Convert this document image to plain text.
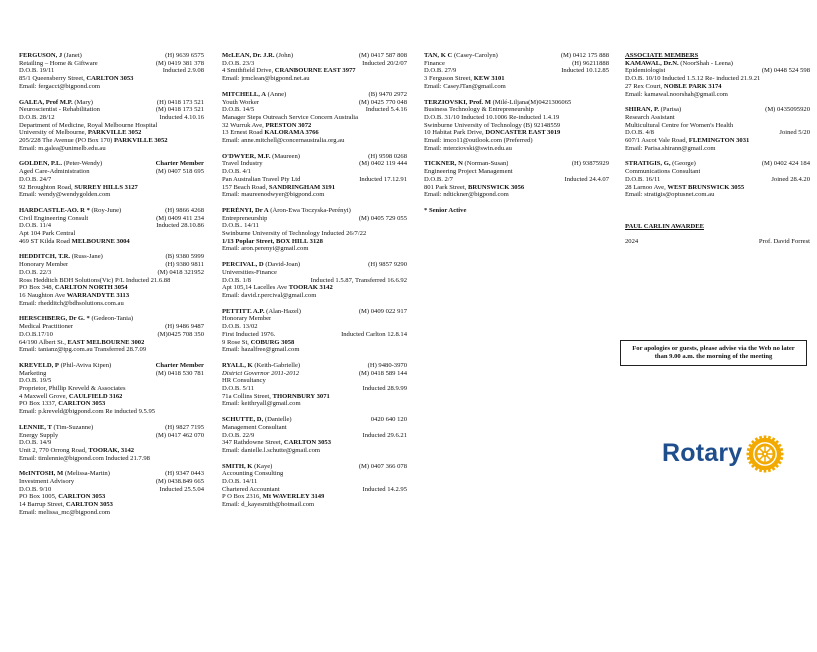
FERGUSON, J (Janet)	(H) 9639 6575
Retailing – Home & Giftware	(M) 0419 381 378
D.O.B. 19/11	Inducted 2.9.08
85/1 Queensberry Street, CARLTON 3053
Email: fergacct@bigpond.com
GALEA, Prof M.P. (Mary)	(H) 0418 173 521
Neuroscientist - Rehabilitation	(M) 0418 173 521
D.O.B. 28/12	Inducted 4.10.16
Department of Medicine, Royal Melbourne Hospital
University of Melbourne, PARKVILLE 3052
205/228 The Avenue (PO Box 170) PARKVILLE 3052
Email: m.galea@unimelb.edu.au
GOLDEN, P.L. (Peter-Wendy)	Charter Member
Aged Care-Administration	(M) 0407 518 695
D.O.B. 24/7
92 Broughton Road, SURREY HILLS 3127
Email: wendy@wendygolden.com
HARDCASTLE-AO. R * (Roy-June)	(H) 9866 4268
Civil Engineering Consult	(M) 0409 411 234
D.O.B. 11/4	Inducted 28.10.86
Apt 104 Park Central
469 ST Kilda Road MELBOURNE 3004
HEDDITCH, T.R. (Russ-Jane)	(B) 9380 5999
Honorary Member	(H) 9380 9811
D.O.B. 22/3	(M) 0418 321952
Ross Hedditch BDH Solutions(Vic) P/L Inducted 21.6.88
PO Box 348, CARLTON NORTH 3054
16 Naughton Ave WARRANDYTE 3113
Email: rhedditch@bdhsolutions.com.au
HERSCHBERG, Dr G. * (Gedeon-Tania)
Medical Practitioner	(H) 9486 9487
D.O.B.17/10	(M)0425 708 350
64/190 Albert St., EAST MELBOURNE 3002
Email: tanianz@tpg.com.au Transferred 28.7.09
KREVELD, P (Phil-Aviva Kipen)	Charter Member
Marketing	(M) 0418 530 781
D.O.B. 19/5
Proprietor, Phillip Kreveld & Associates
4 Maxwell Grove, CAULFIELD 3162
PO Box 1337, CARLTON 3053
Email: p.kreveld@bigpond.com Re inducted 9.5.95
LENNIE, T (Tim-Suzanne)	(H) 9827 7195
Energy Supply	(M) 0417 462 070
D.O.B. 14/9
Unit 2, 770 Orrong Road, TOORAK, 3142
Email: timlennie@bigpond.com Inducted 21.7.98
McINTOSH, M (Melissa-Martin)	(H) 9347 0443
Investment Advisory	(M) 0438.849 665
D.O.B. 9/10	Inducted 25.5.04
PO Box 1005, CARLTON 3053
14 Barrup Street, CARLTON 3053
Email: melissa_mc@bigpond.com
McLEAN, Dr. J.R. (John)	(M) 0417 587 808
D.O.B. 23/3	Inducted 20/2/07
4 Smithfield Drive, CRANBOURNE EAST 3977
Email: jrmclean@bigpond.net.au
MITCHELL, A (Anne)	(B) 9470 2972
Youth Worker	(M) 0425 770 048
D.O.B. 14/5	Inducted 5.4.16
Manager Steps Outreach Service Concern Australia
32 Wurruk Ave, PRESTON 3072
13 Ernest Road KALORAMA 3766
Email: anne.mitchell@concernaustralia.org.au
O'DWYER, M.F. (Maureen)	(H) 9598 0268
Travel Industry	(M) 0402 119 444
D.O.B. 4/1
Pan Australian Travel Pty Ltd	Inducted 17.12.91
157 Beach Road, SANDRINGHAM 3191
Email: maureenodwyer@bigpond.com
PERÉNYI, Dr A (Áron-Ewa Toczyska-Perényi)
Entrepreneurship	(M) 0405 729 055
D.O.B.. 14/11
Swinburne University of Technology Inducted 26/7/22
1/13 Poplar Street, BOX HILL 3128
Email: aron.perenyi@gmail.com
PERCIVAL, D (David-Joan)	(H) 9857 9290
Universities-Finance
D.O.B. 1/8	Inducted 1.5.87, Transferred 16.6.92
Apt 105,14 Lacelles Ave TOORAK 3142
Email: david.r.percival@gmail.com
PETTITT. A.P. (Alan-Hazel)	(M) 0409 022 917
Honorary Member
D.O.B. 13/02
First Inducted 1976.	Inducted Carlton 12.8.14
9 Rose St, COBURG 3058
Email: hazalfree@gmail.com
RYALL, K (Keith-Gabrielle)	(H) 9480-3970
District Governor 2011-2012	(M) 0418 589 144
HR Consultancy
D.O.B. 5/11	Inducted 28.9.99
71a Collins Street, THORNBURY 3071
Email: keithryall@gmail.com
SCHUTTE, D, (Danielle)	0420 640 120
Management Consultant
D.O.B. 22/9	Inducted 29.6.21
347 Rathdowne Street, CARLTON 3053
Email: danielle.l.schutte@gmail.com
SMITH, K (Kaye)	(M) 0407 366 078
Accounting Consulting
D.O.B. 14/11
Chartered Accountant	Inducted 14.2.95
P O Box 2316, Mt WAVERLEY 3149
Email: d_kayesmith@hotmail.com
TAN, K C (Casey-Carolyn)	(M) 0412 175 888
Finance	(H) 96211888
D.O.B. 27/9	Inducted 10.12.85
3 Ferguson Street, KEW 3101
Email: CaseyJTan@gmail.com
TERZIOVSKI, Prof. M (Milé-Liljana(M)0421306065
Business Technology & Entrepreneurship
D.O.B. 31/10 Inducted 10.1006 Re-inducted 1.4.19
Swinburne University of Technology (B) 92148559
10 Habitat Park Drive, DONCASTER EAST 3019
Email: imco11@outlook.com (Preferred)
Email: mterziovski@swin.edu.au
TICKNER, N (Norman-Susan)	(H) 93875929
Engineering Project Management
D.O.B. 2/7	Inducted 24.4.07
801 Park Street, BRUNSWICK 3056
Email: ndtickner@bigpond.com
* Senior Active
ASSOCIATE MEMBERS
KAMAWAL, Dr.N. (NoorShah - Leena)
Epidemiologist	(M) 0448 524 598
D.O.B. 10/10 Inducted 1.5.12 Re- inducted 21.9.21
27 Rex Court, NOBLE PARK 3174
Email: kamawal.noorshah@gmail.com
SHIRAN, P. (Parisa)	(M) 0435095920
Research Assistant
Multicultural Centre for Women's Health
D.O.B. 4/8	Joined 5/20
607/1 Ascot Vale Road, FLEMINGTON 3031
Email: Parisa.shirann@gmail.com
STRATIGIS, G, (George)	(M) 0402 424 184
Communications Consultant
D.O.B. 16/11	Joined 28.4.20
28 Larnoo Ave, WEST BRUNSWICK 3055
Email: stratigis@optusnet.com.au
PAUL CARLIN AWARDEE
2024	Prof. David Forrest
For apologies or guests, please advise via the Web no later than 9.00 a.m. the morning of the meeting
Rotary
